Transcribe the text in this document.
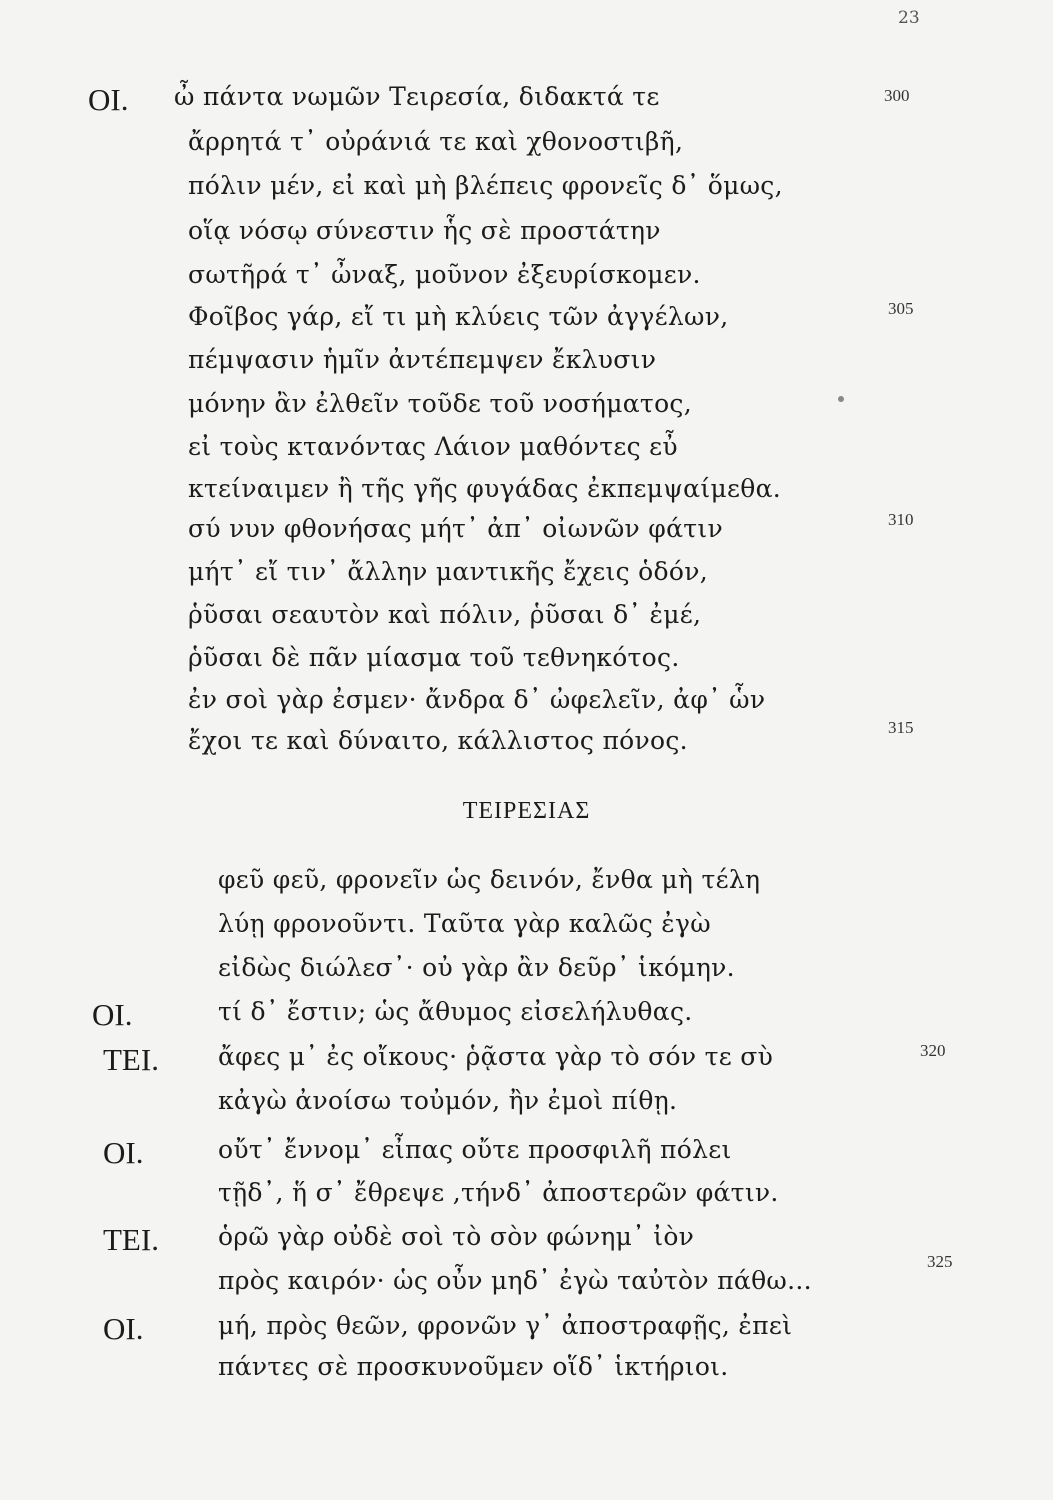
23
ΟΙ. ὦ πάντα νωμῶν Τειρεσία, διδακτά τε	300
ἄρρητά τ᾽ οὐράνιά τε καὶ χθονοστιβῆ,
πόλιν μέν, εἰ καὶ μὴ βλέπεις φρονεῖς δ᾽ ὅμως,
οἵᾳ νόσῳ σύνεστιν ἧς σὲ προστάτην
σωτῆρά τ᾽ ὦναξ, μοῦνον ἐξευρίσκομεν.
Φοῖβος γάρ, εἴ τι μὴ κλύεις τῶν ἀγγέλων,	305
πέμψασιν ἡμῖν ἀντέπεμψεν ἔκλυσιν
μόνην ἂν ἐλθεῖν τοῦδε τοῦ νοσήματος,
εἰ τοὺς κτανόντας Λάιον μαθόντες εὖ
κτείναιμεν ἢ τῆς γῆς φυγάδας ἐκπεμψαίμεθα.
σύ νυν φθονήσας μήτ᾽ ἀπ᾽ οἰωνῶν φάτιν	310
μήτ᾽ εἴ τιν᾽ ἄλλην μαντικῆς ἔχεις ὁδόν,
ῥῦσαι σεαυτὸν καὶ πόλιν, ῥῦσαι δ᾽ ἐμέ,
ῥῦσαι δὲ πᾶν μίασμα τοῦ τεθνηκότος.
ἐν σοὶ γὰρ ἐσμεν· ἄνδρα δ᾽ ὠφελεῖν, ἀφ᾽ ὧν
ἔχοι τε καὶ δύναιτο, κάλλιστος πόνος.	315
ΤΕΙΡΕΣΙΑΣ
φεῦ φεῦ, φρονεῖν ὡς δεινόν, ἔνθα μὴ τέλη
λύῃ φρονοῦντι. Ταῦτα γὰρ καλῶς ἐγὼ
εἰδὼς διώλεσ᾽· οὐ γὰρ ἂν δεῦρ᾽ ἱκόμην.
ΟΙ.	τί δ᾽ ἔστιν; ὡς ἄθυμος εἰσελήλυθας.
ΤΕΙ. ἄφες μ᾽ ἐς οἴκους· ῥᾷστα γὰρ τὸ σόν τε σὺ	320
κἀγὼ ἀνοίσω τοὐμόν, ἢν ἐμοὶ πίθῃ.
ΟΙ.	οὔτ᾽ ἔννομ᾽ εἶπας οὔτε προσφιλῆ πόλει
τῇδ᾽, ἥ σ᾽ ἔθρεψε ,τήνδ᾽ ἀποστερῶν φάτιν.
ΤΕΙ. ὁρῶ γὰρ οὐδὲ σοὶ τὸ σὸν φώνημ᾽ ἰὸν
πρὸς καιρόν· ὡς οὖν μηδ᾽ ἐγὼ ταὐτὸν πάθω...
325
ΟΙ.	μή, πρὸς θεῶν, φρονῶν γ᾽ ἀποστραφῇς, ἐπεὶ
πάντες σὲ προσκυνοῦμεν οἵδ᾽ ἱκτήριοι.
